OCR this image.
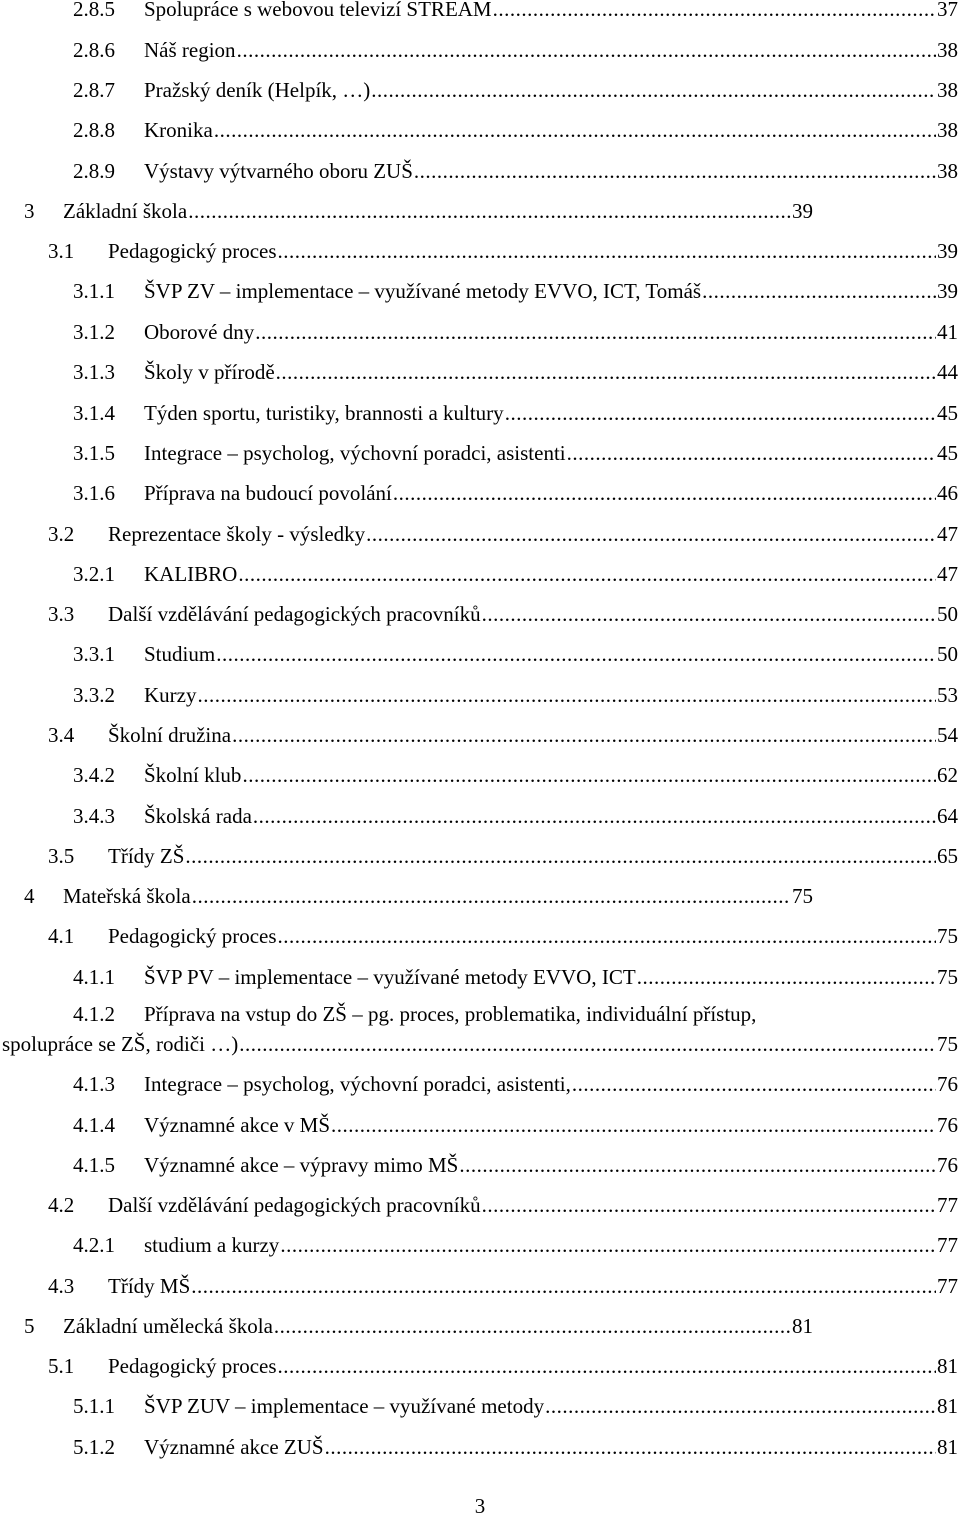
2.8.5	Spolupráce s webovou televizí STREAM .....	37
2.8.6	Náš region .....	38
2.8.7	Pražský deník (Helpík, …) .....	38
2.8.8	Kronika .....	38
2.8.9	Výstavy výtvarného oboru ZUŠ .....	38
3	Základní škola .....	39
3.1	Pedagogický proces .....	39
3.1.1	ŠVP ZV – implementace – využívané metody EVVO, ICT, Tomáš .....	39
3.1.2	Oborové dny .....	41
3.1.3	Školy v přírodě .....	44
3.1.4	Týden sportu, turistiky, brannosti a kultury .....	45
3.1.5	Integrace – psycholog, výchovní poradci, asistenti .....	45
3.1.6	Příprava na budoucí povolání .....	46
3.2	Reprezentace školy - výsledky .....	47
3.2.1	KALIBRO .....	47
3.3	Další vzdělávání pedagogických pracovníků .....	50
3.3.1	Studium .....	50
3.3.2	Kurzy .....	53
3.4	Školní družina .....	54
3.4.2	Školní klub .....	62
3.4.3	Školská rada .....	64
3.5	Třídy ZŠ .....	65
4	Mateřská škola .....	75
4.1	Pedagogický proces .....	75
4.1.1	ŠVP PV – implementace – využívané metody EVVO, ICT .....	75
4.1.2 Příprava na vstup do ZŠ – pg. proces, problematika, individuální přístup,
spolupráce se ZŠ, rodiči …) .....	75
4.1.3	Integrace – psycholog, výchovní poradci, asistenti, .....	76
4.1.4	Významné akce v MŠ .....	76
4.1.5	Významné akce – výpravy mimo MŠ .....	76
4.2	Další vzdělávání pedagogických pracovníků .....	77
4.2.1	studium a kurzy .....	77
4.3	Třídy MŠ .....	77
5	Základní umělecká škola .....	81
5.1	Pedagogický proces .....	81
5.1.1	ŠVP ZUV – implementace – využívané metody .....	81
5.1.2	Významné akce ZUŠ .....	81
3
